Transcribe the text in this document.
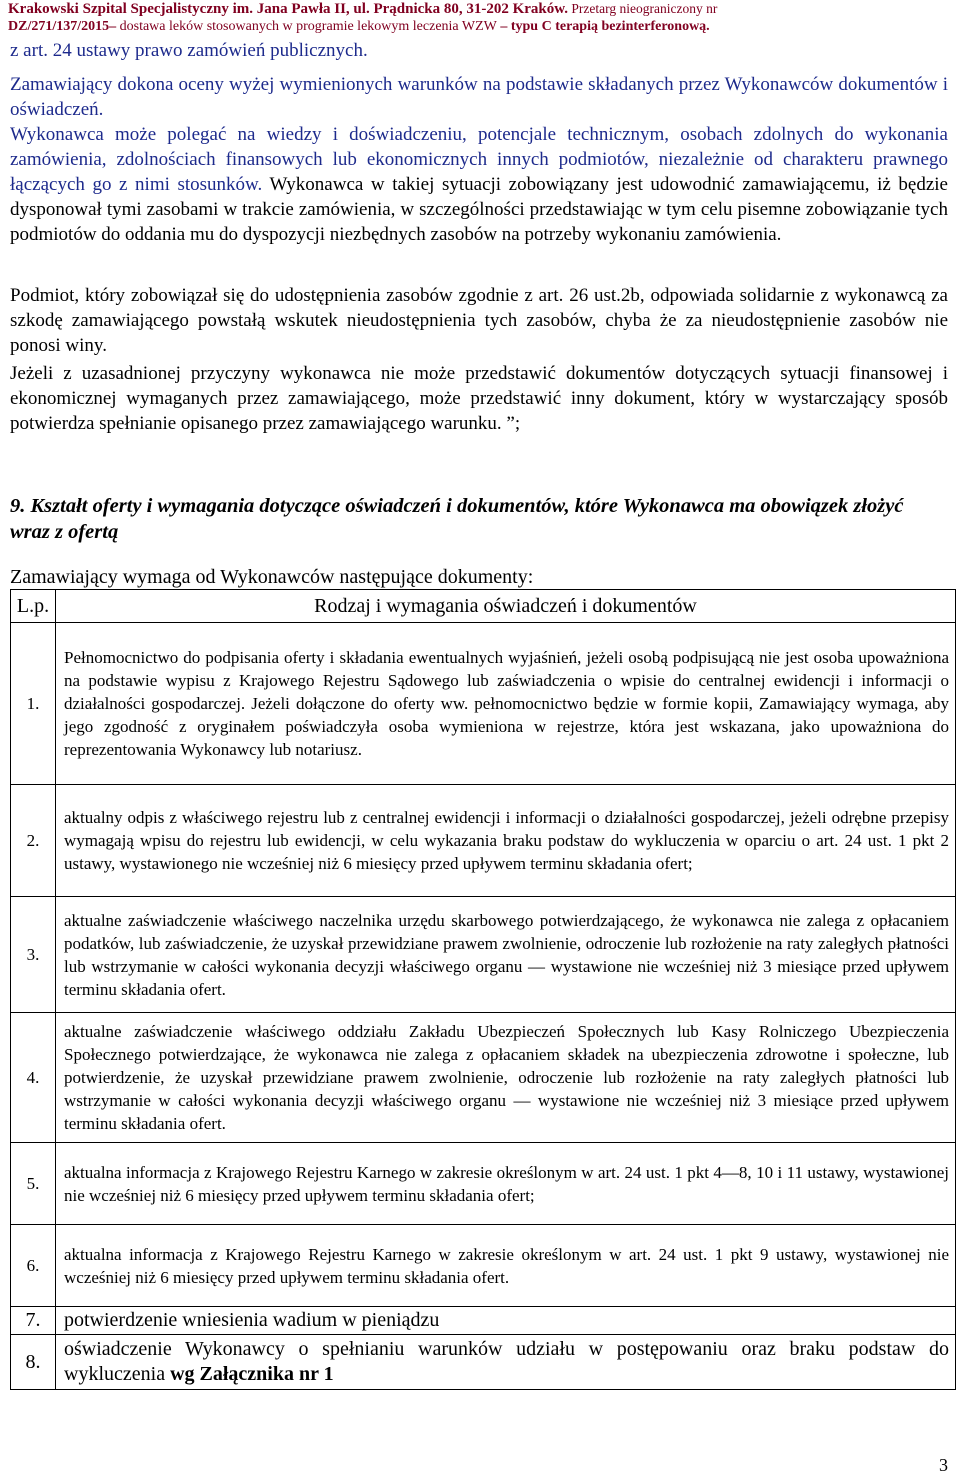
Krakowski Szpital Specjalistyczny im. Jana Pawła II, ul. Prądnicka 80, 31-202 Kraków. Przetarg nieograniczony nr
DZ/271/137/2015– dostawa leków stosowanych w programie lekowym leczenia WZW – typu C terapią bezinterferonową.
z art. 24 ustawy prawo zamówień publicznych.
Zamawiający dokona oceny wyżej wymienionych warunków na podstawie składanych przez Wykonawców dokumentów i oświadczeń.
Wykonawca może polegać na wiedzy i doświadczeniu, potencjale technicznym, osobach zdolnych do wykonania zamówienia, zdolnościach finansowych lub ekonomicznych innych podmiotów, niezależnie od charakteru prawnego łączących go z nimi stosunków. Wykonawca w takiej sytuacji zobowiązany jest udowodnić zamawiającemu, iż będzie dysponował tymi zasobami w trakcie zamówienia, w szczególności przedstawiając w tym celu pisemne zobowiązanie tych podmiotów do oddania mu do dyspozycji niezbędnych zasobów na potrzeby wykonaniu zamówienia.
Podmiot, który zobowiązał się do udostępnienia zasobów zgodnie z art. 26 ust.2b, odpowiada solidarnie z wykonawcą za szkodę zamawiającego powstałą wskutek nieudostępnienia tych zasobów, chyba że za nieudostępnienie zasobów nie ponosi winy.
Jeżeli z uzasadnionej przyczyny wykonawca nie może przedstawić dokumentów dotyczących sytuacji finansowej i ekonomicznej wymaganych przez zamawiającego, może przedstawić inny dokument, który w wystarczający sposób potwierdza spełnianie opisanego przez zamawiającego warunku. ”;
9. Kształt oferty i wymagania dotyczące oświadczeń i dokumentów, które Wykonawca ma obowiązek złożyć wraz z ofertą
Zamawiający wymaga od Wykonawców następujące dokumenty:
L.p.	Rodzaj i wymagania oświadczeń i dokumentów
1.	Pełnomocnictwo do podpisania oferty i składania ewentualnych wyjaśnień, jeżeli osobą podpisującą nie jest osoba upoważniona na podstawie wypisu z Krajowego Rejestru Sądowego lub zaświadczenia o wpisie do centralnej ewidencji i informacji o działalności gospodarczej. Jeżeli dołączone do oferty ww. pełnomocnictwo będzie w formie kopii, Zamawiający wymaga, aby jego zgodność z oryginałem poświadczyła osoba wymieniona w rejestrze, która jest wskazana, jako upoważniona do reprezentowania Wykonawcy lub notariusz.
2.	aktualny odpis z właściwego rejestru lub z centralnej ewidencji i informacji o działalności gospodarczej, jeżeli odrębne przepisy wymagają wpisu do rejestru lub ewidencji, w celu wykazania braku podstaw do wykluczenia w oparciu o art. 24 ust. 1 pkt 2 ustawy, wystawionego nie wcześniej niż 6 miesięcy przed upływem terminu składania ofert;
3.	aktualne zaświadczenie właściwego naczelnika urzędu skarbowego potwierdzającego, że wykonawca nie zalega z opłacaniem podatków, lub zaświadczenie, że uzyskał przewidziane prawem zwolnienie, odroczenie lub rozłożenie na raty zaległych płatności lub wstrzymanie w całości wykonania decyzji właściwego organu — wystawione nie wcześniej niż 3 miesiące przed upływem terminu składania ofert.
4.	aktualne zaświadczenie właściwego oddziału Zakładu Ubezpieczeń Społecznych lub Kasy Rolniczego Ubezpieczenia Społecznego potwierdzające, że wykonawca nie zalega z opłacaniem składek na ubezpieczenia zdrowotne i społeczne, lub potwierdzenie, że uzyskał przewidziane prawem zwolnienie, odroczenie lub rozłożenie na raty zaległych płatności lub wstrzymanie w całości wykonania decyzji właściwego organu — wystawione nie wcześniej niż 3 miesiące przed upływem terminu składania ofert.
5.	aktualna informacja z Krajowego Rejestru Karnego w zakresie określonym w art. 24 ust. 1 pkt 4—8, 10 i 11 ustawy, wystawionej nie wcześniej niż 6 miesięcy przed upływem terminu składania ofert;
6.	aktualna informacja z Krajowego Rejestru Karnego w zakresie określonym w art. 24 ust. 1 pkt 9 ustawy, wystawionej nie wcześniej niż 6 miesięcy przed upływem terminu składania ofert.
7.	potwierdzenie wniesienia wadium w pieniądzu
8.	oświadczenie Wykonawcy o spełnianiu warunków udziału w postępowaniu oraz braku podstaw do wykluczenia wg Załącznika nr 1
3
